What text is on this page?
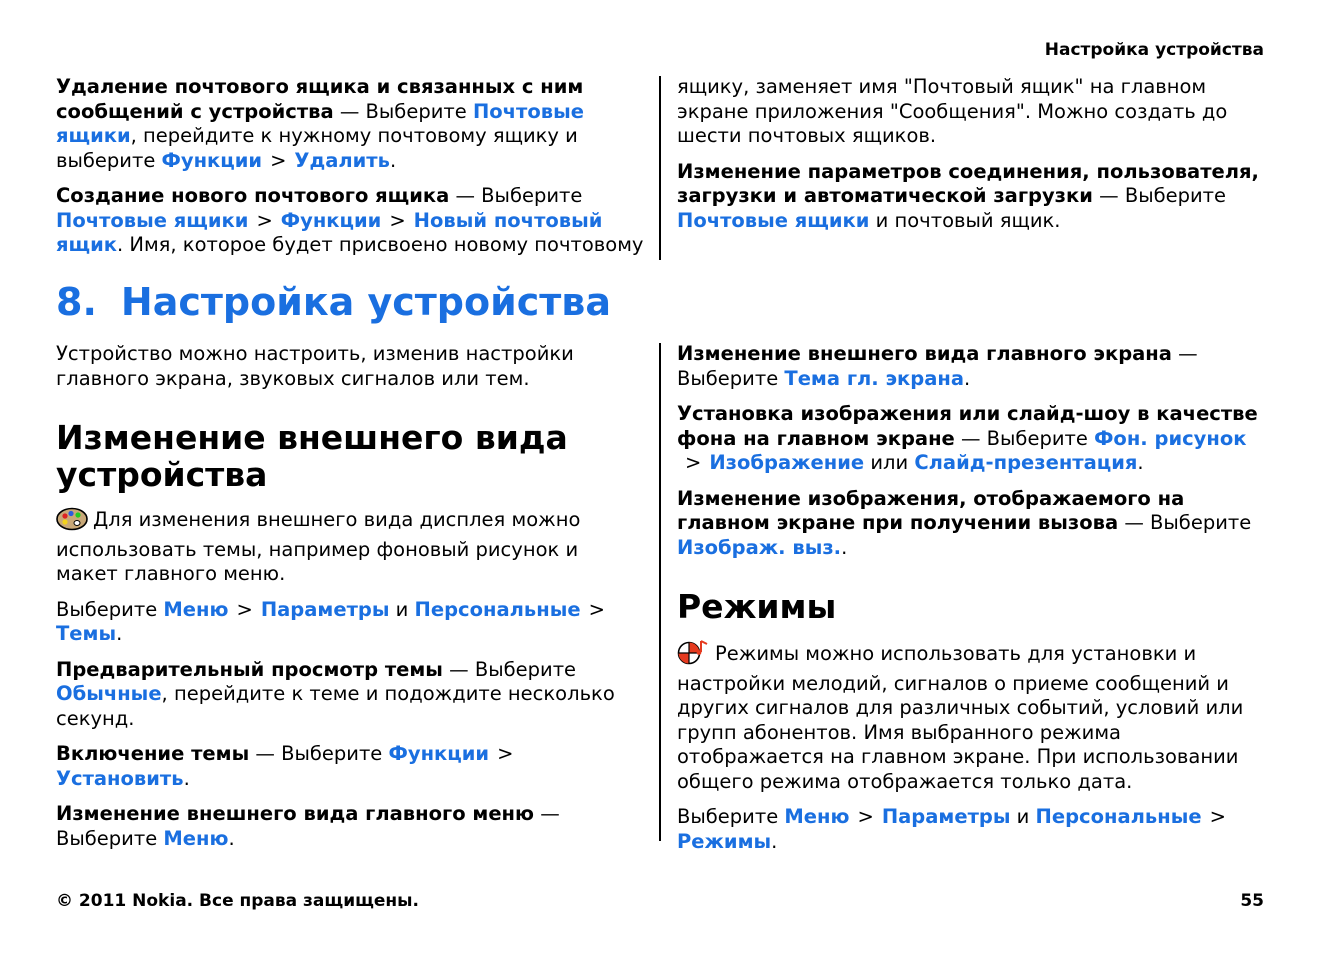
Настройка устройства

Удаление почтового ящика и связанных с ним сообщений с устройства — Выберите Почтовые ящики, перейдите к нужному почтовому ящику и выберите Функции > Удалить.

Создание нового почтового ящика — Выберите Почтовые ящики > Функции > Новый почтовый ящик. Имя, которое будет присвоено новому почтовому

ящику, заменяет имя "Почтовый ящик" на главном экране приложения "Сообщения". Можно создать до шести почтовых ящиков.

Изменение параметров соединения, пользователя, загрузки и автоматической загрузки — Выберите Почтовые ящики и почтовый ящик.

8. Настройка устройства

Устройство можно настроить, изменив настройки главного экрана, звуковых сигналов или тем.

Изменение внешнего вида устройства

Для изменения внешнего вида дисплея можно использовать темы, например фоновый рисунок и макет главного меню.

Выберите Меню > Параметры и Персональные >Темы.

Предварительный просмотр темы — Выберите Обычные, перейдите к теме и подождите несколько секунд.

Включение темы — Выберите Функции >Установить.

Изменение внешнего вида главного меню — Выберите Меню.

Изменение внешнего вида главного экрана — Выберите Тема гл. экрана.

Установка изображения или слайд-шоу в качестве фона на главном экране — Выберите Фон. рисунок> Изображение или Слайд-презентация.

Изменение изображения, отображаемого на главном экране при получении вызова — Выберите Изображ. выз..

Режимы

Режимы можно использовать для установки и настройки мелодий, сигналов о приеме сообщений и других сигналов для различных событий, условий или групп абонентов. Имя выбранного режима отображается на главном экране. При использовании общего режима отображается только дата.

Выберите Меню > Параметры и Персональные >Режимы.

© 2011 Nokia. Все права защищены.	55
